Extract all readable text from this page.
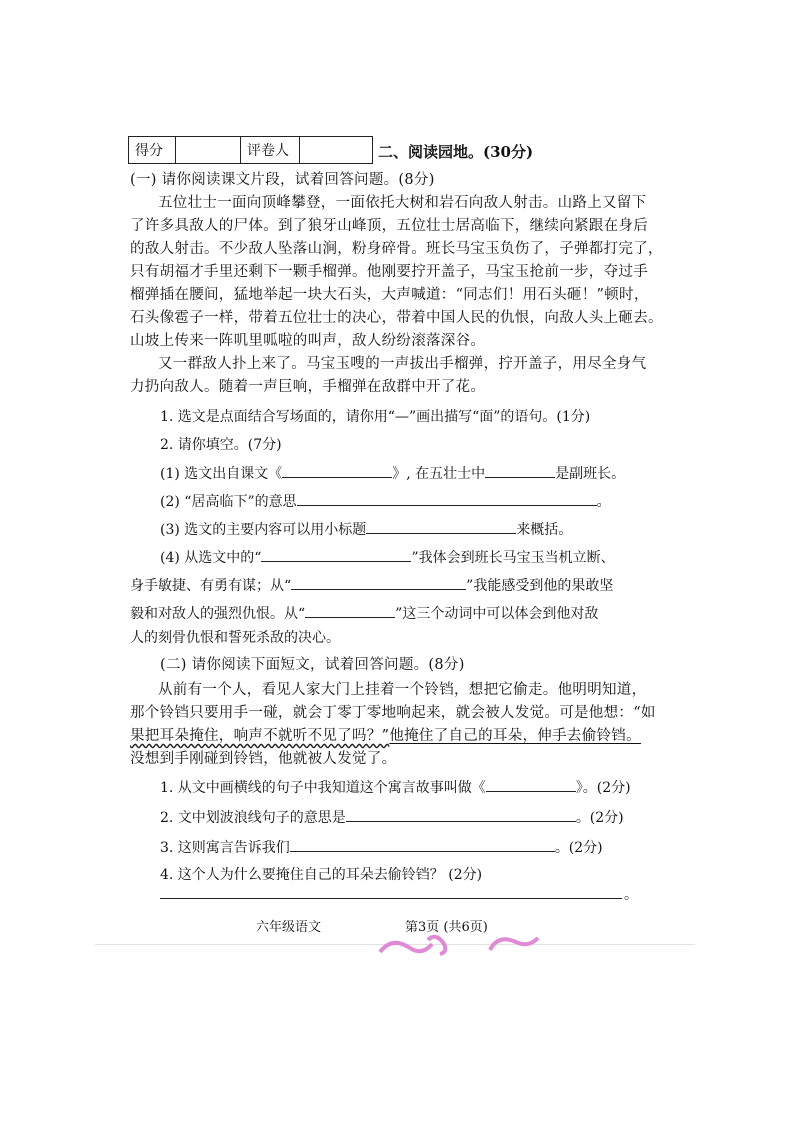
得分		评卷人		二、阅读园地。(30分)
(一) 请你阅读课文片段，试着回答问题。(8分)
五位壮士一面向顶峰攀登，一面依托大树和岩石向敌人射击。山路上又留下
了许多具敌人的尸体。到了狼牙山峰顶，五位壮士居高临下，继续向紧跟在身后
的敌人射击。不少敌人坠落山涧，粉身碎骨。班长马宝玉负伤了，子弹都打完了，
只有胡福才手里还剩下一颗手榴弹。他刚要拧开盖子，马宝玉抢前一步，夺过手
榴弹插在腰间，猛地举起一块大石头，大声喊道：“同志们！用石头砸！”顿时，
石头像雹子一样，带着五位壮士的决心，带着中国人民的仇恨，向敌人头上砸去。
山坡上传来一阵叽里呱啦的叫声，敌人纷纷滚落深谷。
又一群敌人扑上来了。马宝玉嗖的一声拔出手榴弹，拧开盖子，用尽全身气
力扔向敌人。随着一声巨响，手榴弹在敌群中开了花。
1. 选文是点面结合写场面的，请你用“—”画出描写“面”的语句。(1分)
2. 请你填空。(7分)
(1) 选文出自课文《	》, 在五壮士中	是副班长。
(2) “居高临下”的意思	。
(3) 选文的主要内容可以用小标题	来概括。
(4) 从选文中的“	”我体会到班长马宝玉当机立断、
身手敏捷、有勇有谋；从“	”我能感受到他的果敢坚
毅和对敌人的强烈仇恨。从“	”这三个动词中可以体会到他对敌
人的刻骨仇恨和誓死杀敌的决心。
(二) 请你阅读下面短文，试着回答问题。(8分)
从前有一个人，看见人家大门上挂着一个铃铛，想把它偷走。他明明知道，
那个铃铛只要用手一碰，就会丁零丁零地响起来，就会被人发觉。可是他想：“如
果把耳朵掩住，响声不就听不见了吗？”他掩住了自己的耳朵，伸手去偷铃铛。
没想到手刚碰到铃铛，他就被人发觉了。
1. 从文中画横线的句子中我知道这个寓言故事叫做《	》。(2分)
2. 文中划波浪线句子的意思是	。(2分)
3. 这则寓言告诉我们	。(2分)
4. 这个人为什么要掩住自己的耳朵去偷铃铛？ (2分)
。
六年级语文	第3页 (共6页)
